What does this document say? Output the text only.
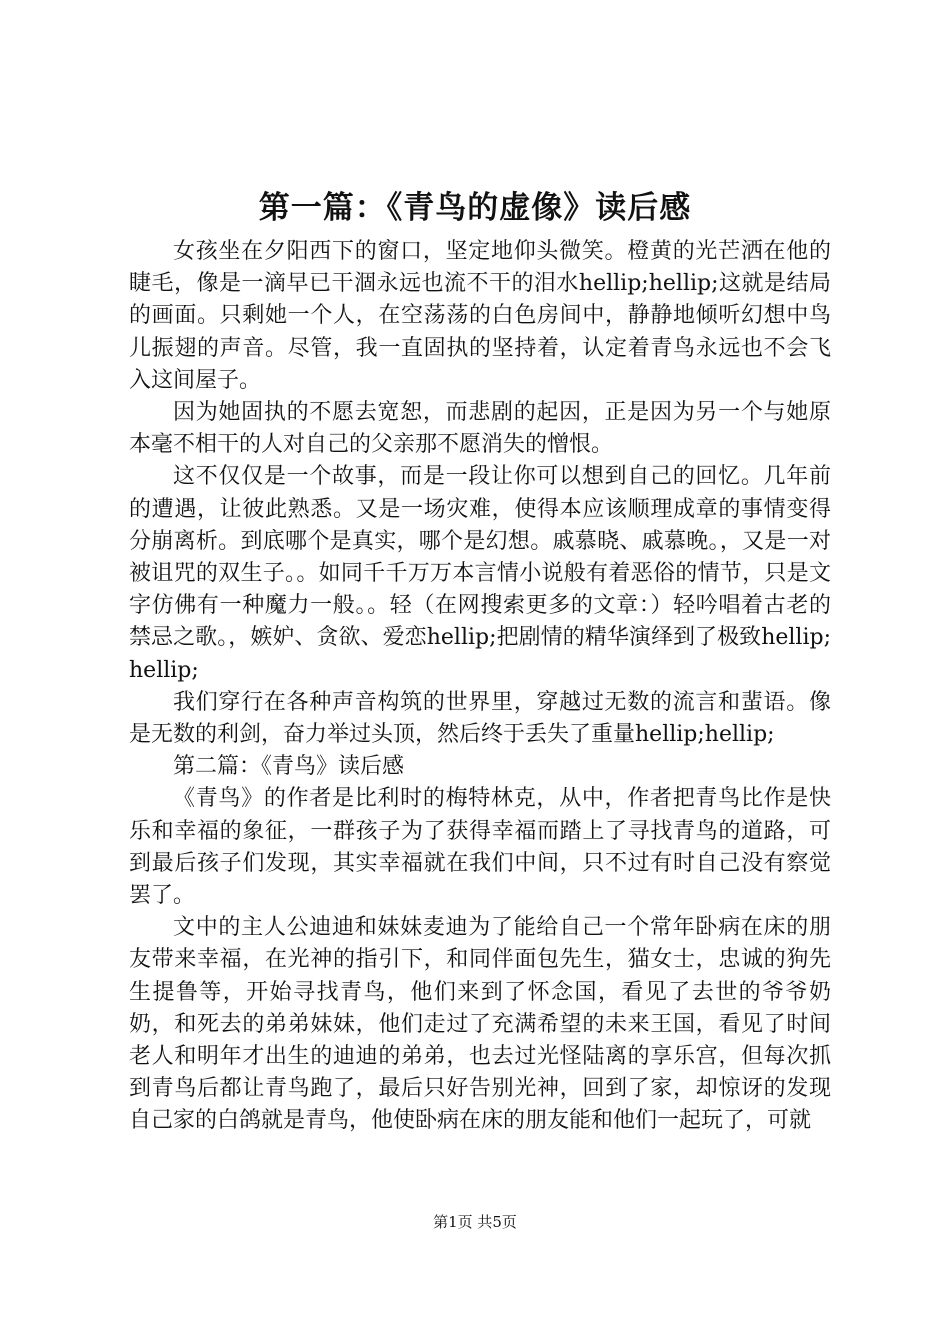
第一篇：《青鸟的虚像》读后感

女孩坐在夕阳西下的窗口，坚定地仰头微笑。橙黄的光芒洒在他的睫毛，像是一滴早已干涸永远也流不干的泪水hellip;hellip;这就是结局的画面。只剩她一个人，在空荡荡的白色房间中，静静地倾听幻想中鸟儿振翅的声音。尽管，我一直固执的坚持着，认定着青鸟永远也不会飞入这间屋子。

因为她固执的不愿去宽恕，而悲剧的起因，正是因为另一个与她原本毫不相干的人对自己的父亲那不愿消失的憎恨。

这不仅仅是一个故事，而是一段让你可以想到自己的回忆。几年前的遭遇，让彼此熟悉。又是一场灾难，使得本应该顺理成章的事情变得分崩离析。到底哪个是真实，哪个是幻想。戚慕晓、戚慕晚。，又是一对被诅咒的双生子。。如同千千万万本言情小说般有着恶俗的情节，只是文字仿佛有一种魔力一般。。轻（在网搜索更多的文章：）轻吟唱着古老的禁忌之歌。，嫉妒、贪欲、爱恋hellip;把剧情的精华演绎到了极致hellip;hellip;

我们穿行在各种声音构筑的世界里，穿越过无数的流言和蜚语。像是无数的利剑，奋力举过头顶，然后终于丢失了重量hellip;hellip;

第二篇：《青鸟》读后感

《青鸟》的作者是比利时的梅特林克，从中，作者把青鸟比作是快乐和幸福的象征，一群孩子为了获得幸福而踏上了寻找青鸟的道路，可到最后孩子们发现，其实幸福就在我们中间，只不过有时自己没有察觉罢了。

文中的主人公迪迪和妹妹麦迪为了能给自己一个常年卧病在床的朋友带来幸福，在光神的指引下，和同伴面包先生，猫女士，忠诚的狗先生提鲁等，开始寻找青鸟，他们来到了怀念国，看见了去世的爷爷奶奶，和死去的弟弟妹妹，他们走过了充满希望的未来王国，看见了时间老人和明年才出生的迪迪的弟弟，也去过光怪陆离的享乐宫，但每次抓到青鸟后都让青鸟跑了，最后只好告别光神，回到了家，却惊讶的发现自己家的白鸽就是青鸟，他使卧病在床的朋友能和他们一起玩了，可就

第1页 共5页
